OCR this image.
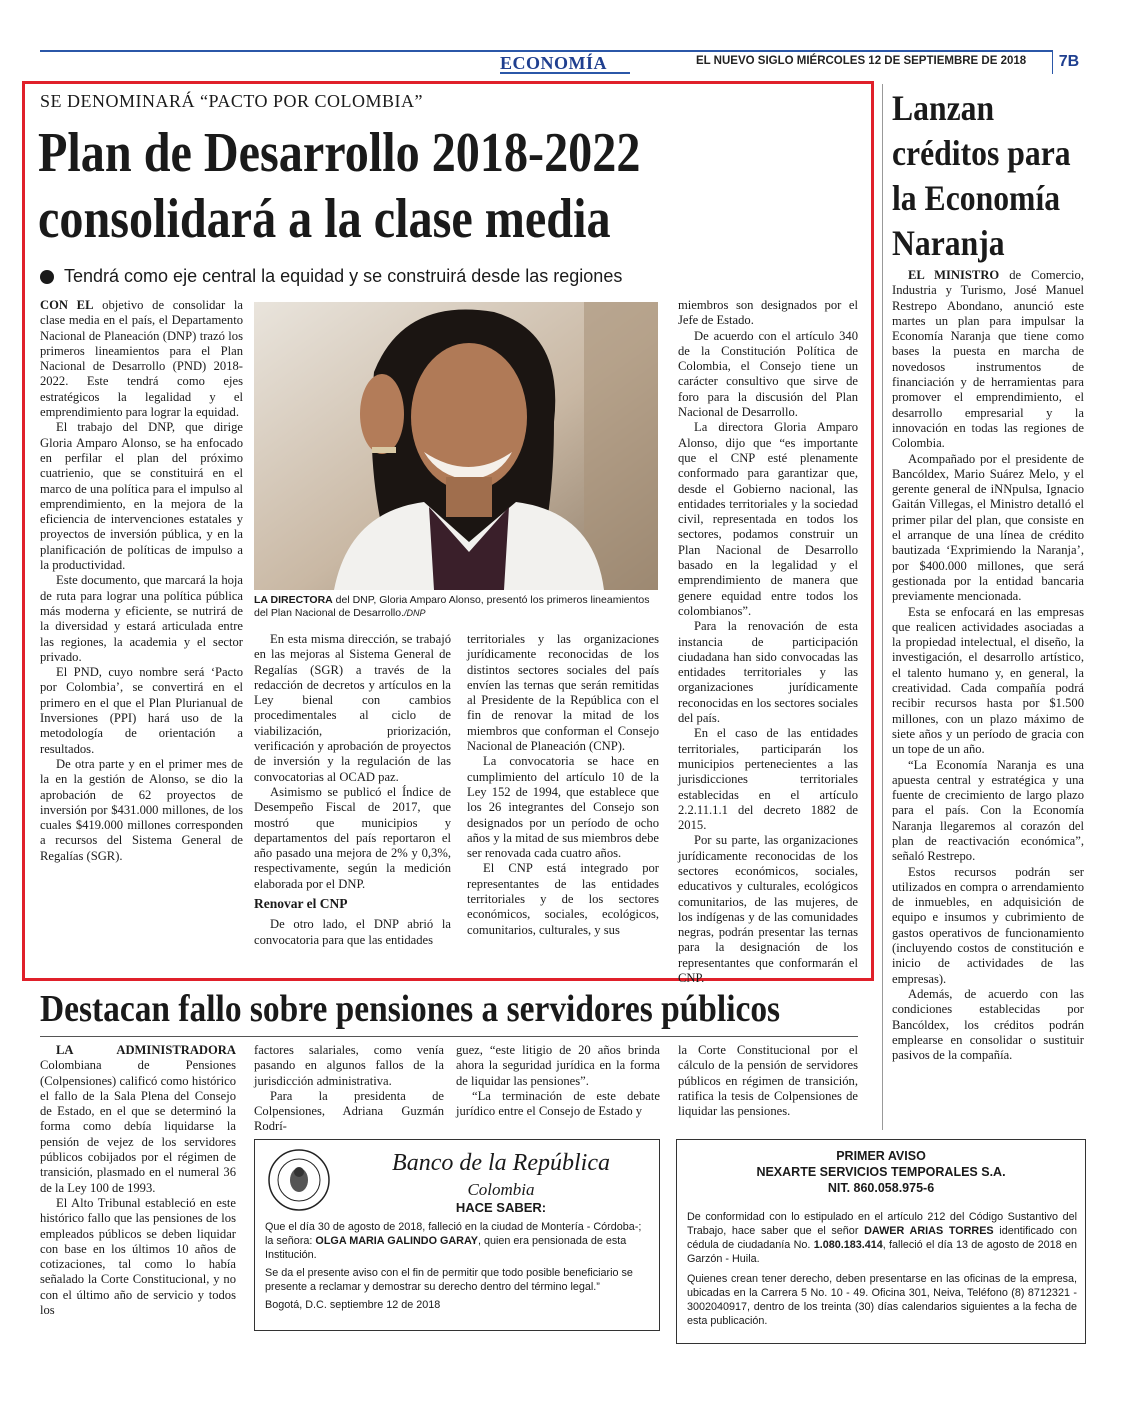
ECONOMÍA	EL NUEVO SIGLO MIÉRCOLES 12 DE SEPTIEMBRE DE 2018	7B
SE DENOMINARÁ “PACTO POR COLOMBIA”
Plan de Desarrollo 2018-2022
consolidará a la clase media
Tendrá como eje central la equidad y se construirá desde las regiones

CON EL objetivo de consolidar la clase media en el país, el Departamento Nacional de Planeación (DNP) trazó los primeros lineamientos para el Plan Nacional de Desarrollo (PND) 2018-2022. Este tendrá como ejes estratégicos la legalidad y el emprendimiento para lograr la equidad.

El trabajo del DNP, que dirige Gloria Amparo Alonso, se ha enfocado en perfilar el plan del próximo cuatrienio, que se constituirá en el marco de una política para el impulso al emprendimiento, en la mejora de la eficiencia de intervenciones estatales y proyectos de inversión pública, y en la planificación de políticas de impulso a la productividad.

Este documento, que marcará la hoja de ruta para lograr una política pública más moderna y eficiente, se nutrirá de la diversidad y estará articulada entre las regiones, la academia y el sector privado.

El PND, cuyo nombre será ‘Pacto por Colombia’, se convertirá en el primero en el que el Plan Plurianual de Inversiones (PPI) hará uso de la metodología de orientación a resultados.

De otra parte y en el primer mes de la en la gestión de Alonso, se dio la aprobación de 62 proyectos de inversión por $431.000 millones, de los cuales $419.000 millones corresponden a recursos del Sistema General de Regalías (SGR).

LA DIRECTORA del DNP, Gloria Amparo Alonso, presentó los primeros lineamientos del Plan Nacional de Desarrollo./DNP

En esta misma dirección, se trabajó en las mejoras al Sistema General de Regalías (SGR) a través de la redacción de decretos y artículos en la Ley bienal con cambios procedimentales al ciclo de viabilización, priorización, verificación y aprobación de proyectos de inversión y la regulación de las convocatorias al OCAD paz.

Asimismo se publicó el Índice de Desempeño Fiscal de 2017, que mostró que municipios y departamentos del país reportaron el año pasado una mejora de 2% y 0,3%, respectivamente, según la medición elaborada por el DNP.

Renovar el CNP

De otro lado, el DNP abrió la convocatoria para que las entidades

territoriales y las organizaciones jurídicamente reconocidas de los distintos sectores sociales del país envíen las ternas que serán remitidas al Presidente de la República con el fin de renovar la mitad de los miembros que conforman el Consejo Nacional de Planeación (CNP).

La convocatoria se hace en cumplimiento del artículo 10 de la Ley 152 de 1994, que establece que los 26 integrantes del Consejo son designados por un período de ocho años y la mitad de sus miembros debe ser renovada cada cuatro años.

El CNP está integrado por representantes de las entidades territoriales y de los sectores económicos, sociales, ecológicos, comunitarios, culturales, y sus

miembros son designados por el Jefe de Estado.

De acuerdo con el artículo 340 de la Constitución Política de Colombia, el Consejo tiene un carácter consultivo que sirve de foro para la discusión del Plan Nacional de Desarrollo.

La directora Gloria Amparo Alonso, dijo que “es importante que el CNP esté plenamente conformado para garantizar que, desde el Gobierno nacional, las entidades territoriales y la sociedad civil, representada en todos los sectores, podamos construir un Plan Nacional de Desarrollo basado en la legalidad y el emprendimiento de manera que genere equidad entre todos los colombianos”.

Para la renovación de esta instancia de participación ciudadana han sido convocadas las entidades territoriales y las organizaciones jurídicamente reconocidas en los sectores sociales del país.

En el caso de las entidades territoriales, participarán los municipios pertenecientes a las jurisdicciones territoriales establecidas en el artículo 2.2.11.1.1 del decreto 1882 de 2015.

Por su parte, las organizaciones jurídicamente reconocidas de los sectores económicos, sociales, educativos y culturales, ecológicos comunitarios, de las mujeres, de los indígenas y de las comunidades negras, podrán presentar las ternas para la designación de los representantes que conformarán el CNP.

Lanzan
créditos para
la Economía
Naranja

EL MINISTRO de Comercio, Industria y Turismo, José Manuel Restrepo Abondano, anunció este martes un plan para impulsar la Economía Naranja que tiene como bases la puesta en marcha de novedosos instrumentos de financiación y de herramientas para promover el emprendimiento, el desarrollo empresarial y la innovación en todas las regiones de Colombia.

Acompañado por el presidente de Bancóldex, Mario Suárez Melo, y el gerente general de iNNpulsa, Ignacio Gaitán Villegas, el Ministro detalló el primer pilar del plan, que consiste en el arranque de una línea de crédito bautizada ‘Exprimiendo la Naranja’, por $400.000 millones, que será gestionada por la entidad bancaria previamente mencionada.

Esta se enfocará en las empresas que realicen actividades asociadas a la propiedad intelectual, el diseño, la investigación, el desarrollo artístico, el talento humano y, en general, la creatividad. Cada compañía podrá recibir recursos hasta por $1.500 millones, con un plazo máximo de siete años y un período de gracia con un tope de un año.

“La Economía Naranja es una apuesta central y estratégica y una fuente de crecimiento de largo plazo para el país. Con la Economía Naranja llegaremos al corazón del plan de reactivación económica”, señaló Restrepo.

Estos recursos podrán ser utilizados en compra o arrendamiento de inmuebles, en adquisición de equipo e insumos y cubrimiento de gastos operativos de funcionamiento (incluyendo costos de constitución e inicio de actividades de las empresas).

Además, de acuerdo con las condiciones establecidas por Bancóldex, los créditos podrán emplearse en consolidar o sustituir pasivos de la compañía.

Destacan fallo sobre pensiones a servidores públicos

LA ADMINISTRADORA Colombiana de Pensiones (Colpensiones) calificó como histórico el fallo de la Sala Plena del Consejo de Estado, en el que se determinó la forma como debía liquidarse la pensión de vejez de los servidores públicos cobijados por el régimen de transición, plasmado en el numeral 36 de la Ley 100 de 1993.

El Alto Tribunal estableció en este histórico fallo que las pensiones de los empleados públicos se deben liquidar con base en los últimos 10 años de cotizaciones, tal como lo había señalado la Corte Constitucional, y no con el último año de servicio y todos los

factores salariales, como venía pasando en algunos fallos de la jurisdicción administrativa.

Para la presidenta de Colpensiones, Adriana Guzmán Rodrí-

guez, “este litigio de 20 años brinda ahora la seguridad jurídica en la forma de liquidar las pensiones”.

“La terminación de este debate jurídico entre el Consejo de Estado y

la Corte Constitucional por el cálculo de la pensión de servidores públicos en régimen de transición, ratifica la tesis de Colpensiones de liquidar las pensiones.

Banco de la República
Colombia
HACE SABER:
Que el día 30 de agosto de 2018, falleció en la ciudad de Montería - Córdoba-; la señora: OLGA MARIA GALINDO GARAY, quien era pensionada de esta Institución.
Se da el presente aviso con el fin de permitir que todo posible beneficiario se presente a reclamar y demostrar su derecho dentro del término legal.”
Bogotá, D.C. septiembre 12 de 2018
PRIMER AVISO
NEXARTE SERVICIOS TEMPORALES S.A.
NIT. 860.058.975-6
De conformidad con lo estipulado en el artículo 212 del Código Sustantivo del Trabajo, hace saber que el señor DAWER ARIAS TORRES identificado con cédula de ciudadanía No. 1.080.183.414, falleció el día 13 de agosto de 2018 en Garzón - Huila.
Quienes crean tener derecho, deben presentarse en las oficinas de la empresa, ubicadas en la Carrera 5 No. 10 - 49. Oficina 301, Neiva, Teléfono (8) 8712321 - 3002040917, dentro de los treinta (30) días calendarios siguientes a la fecha de esta publicación.
